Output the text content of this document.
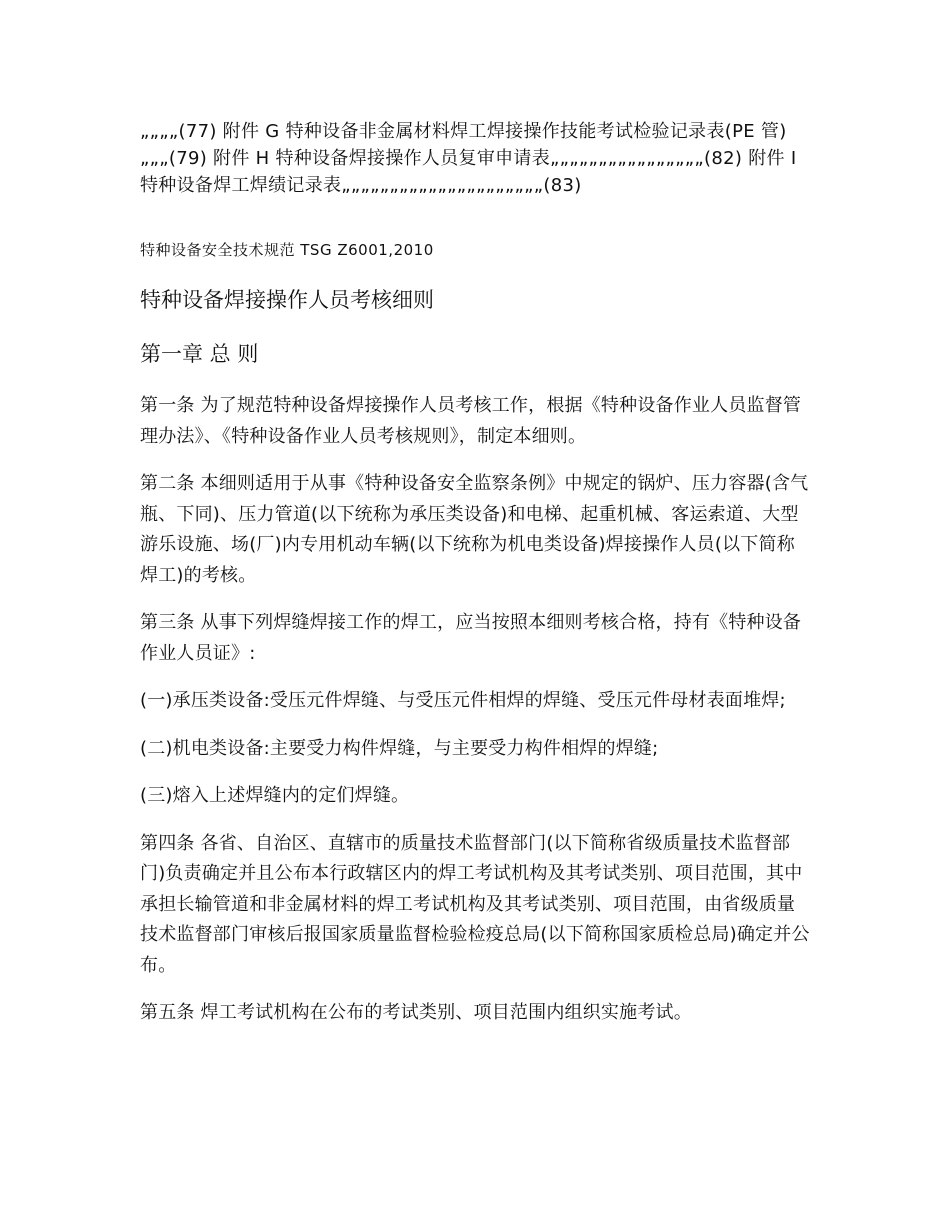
„„„„(77) 附件 G 特种设备非金属材料焊工焊接操作技能考试检验记录表(PE 管)„„„(79) 附件 H 特种设备焊接操作人员复审申请表„„„„„„„„„„„„„„„„(82) 附件 I 特种设备焊工焊绩记录表„„„„„„„„„„„„„„„„„„„„„(83)

特种设备安全技术规范 TSG Z6001,2010

特种设备焊接操作人员考核细则
第一章 总 则

第一条 为了规范特种设备焊接操作人员考核工作，根据《特种设备作业人员监督管理办法》、《特种设备作业人员考核规则》，制定本细则。

第二条 本细则适用于从事《特种设备安全监察条例》中规定的锅炉、压力容器(含气瓶、下同)、压力管道(以下统称为承压类设备)和电梯、起重机械、客运索道、大型游乐设施、场(厂)内专用机动车辆(以下统称为机电类设备)焊接操作人员(以下简称焊工)的考核。

第三条 从事下列焊缝焊接工作的焊工，应当按照本细则考核合格，持有《特种设备作业人员证》:

(一)承压类设备:受压元件焊缝、与受压元件相焊的焊缝、受压元件母材表面堆焊;

(二)机电类设备:主要受力构件焊缝，与主要受力构件相焊的焊缝;

(三)熔入上述焊缝内的定们焊缝。

第四条 各省、自治区、直辖市的质量技术监督部门(以下简称省级质量技术监督部门)负责确定并且公布本行政辖区内的焊工考试机构及其考试类别、项目范围，其中承担长输管道和非金属材料的焊工考试机构及其考试类别、项目范围，由省级质量技术监督部门审核后报国家质量监督检验检疫总局(以下简称国家质检总局)确定并公布。

第五条 焊工考试机构在公布的考试类别、项目范围内组织实施考试。
